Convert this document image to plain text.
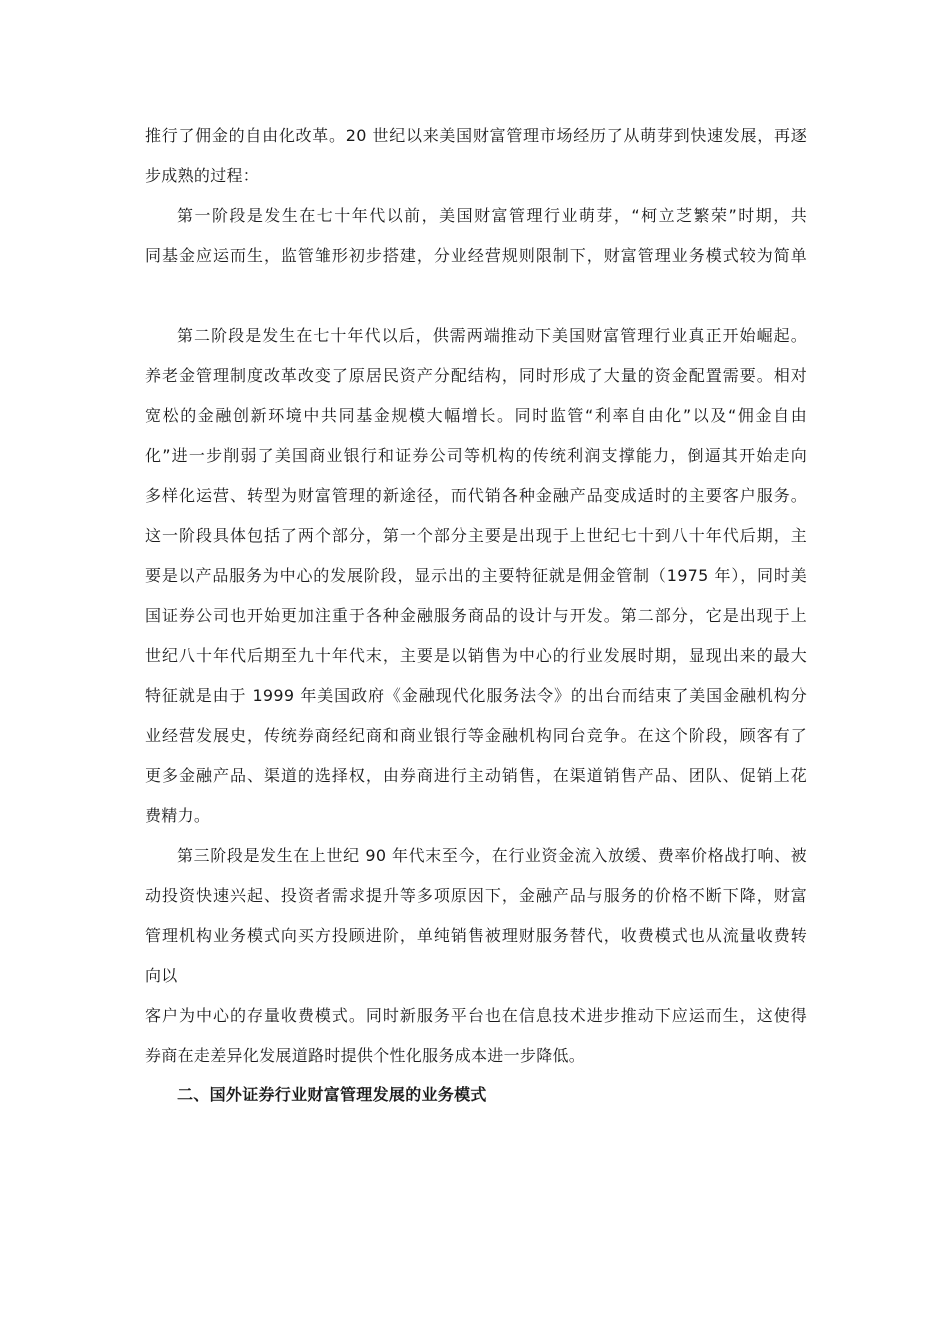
推行了佣金的自由化改革。20 世纪以来美国财富管理市场经历了从萌芽到快速发展，再逐
步成熟的过程：
第一阶段是发生在七十年代以前，美国财富管理行业萌芽，“柯立芝繁荣”时期，共
同基金应运而生，监管雏形初步搭建，分业经营规则限制下，财富管理业务模式较为简单
第二阶段是发生在七十年代以后，供需两端推动下美国财富管理行业真正开始崛起。
养老金管理制度改革改变了原居民资产分配结构，同时形成了大量的资金配置需要。相对
宽松的金融创新环境中共同基金规模大幅增长。同时监管“利率自由化”以及“佣金自由
化”进一步削弱了美国商业银行和证券公司等机构的传统利润支撑能力，倒逼其开始走向
多样化运营、转型为财富管理的新途径，而代销各种金融产品变成适时的主要客户服务。
这一阶段具体包括了两个部分，第一个部分主要是出现于上世纪七十到八十年代后期，主
要是以产品服务为中心的发展阶段，显示出的主要特征就是佣金管制（1975 年），同时美
国证券公司也开始更加注重于各种金融服务商品的设计与开发。第二部分，它是出现于上
世纪八十年代后期至九十年代末，主要是以销售为中心的行业发展时期，显现出来的最大
特征就是由于 1999 年美国政府《金融现代化服务法令》的出台而结束了美国金融机构分
业经营发展史，传统券商经纪商和商业银行等金融机构同台竞争。在这个阶段，顾客有了
更多金融产品、渠道的选择权，由券商进行主动销售，在渠道销售产品、团队、促销上花
费精力。
第三阶段是发生在上世纪 90 年代末至今，在行业资金流入放缓、费率价格战打响、被
动投资快速兴起、投资者需求提升等多项原因下，金融产品与服务的价格不断下降，财富
管理机构业务模式向买方投顾进阶，单纯销售被理财服务替代，收费模式也从流量收费转
向以
客户为中心的存量收费模式。同时新服务平台也在信息技术进步推动下应运而生，这使得
券商在走差异化发展道路时提供个性化服务成本进一步降低。
二、国外证券行业财富管理发展的业务模式
